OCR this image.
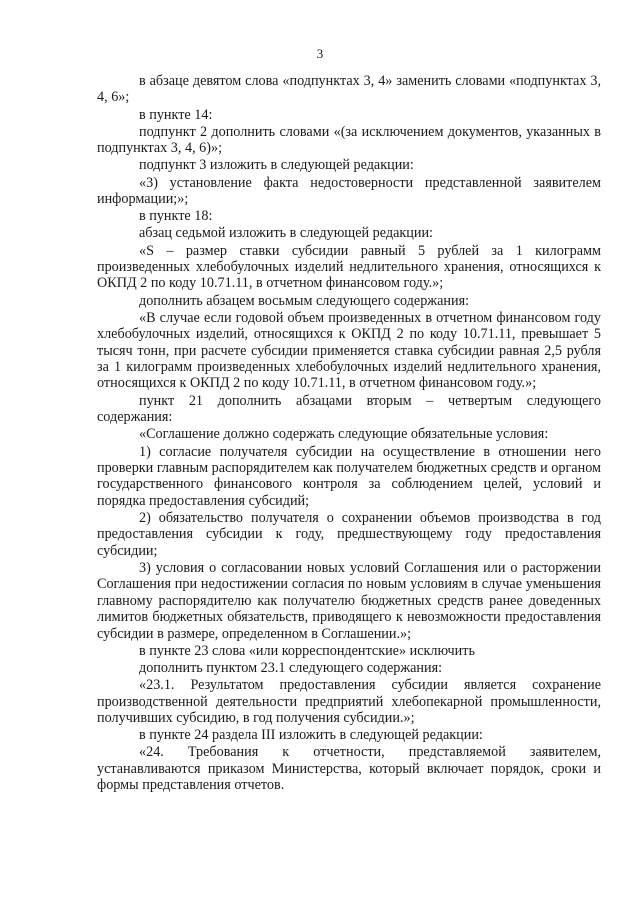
3

в абзаце девятом слова «подпунктах 3, 4» заменить словами «подпунктах 3, 4, 6»;

в пункте 14:

подпункт 2 дополнить словами «(за исключением документов, указанных в подпунктах 3, 4, 6)»;

подпункт 3 изложить в следующей редакции:

«3) установление факта недостоверности представленной заявителем информации;»;

в пункте 18:

абзац седьмой изложить в следующей редакции:

«S – размер ставки субсидии равный 5 рублей за 1 килограмм произведенных хлебобулочных изделий недлительного хранения, относящихся к ОКПД 2 по коду 10.71.11, в отчетном финансовом году.»;

дополнить абзацем восьмым следующего содержания:

«В случае если годовой объем произведенных в отчетном финансовом году хлебобулочных изделий, относящихся к ОКПД 2 по коду 10.71.11, превышает 5 тысяч тонн, при расчете субсидии применяется ставка субсидии равная 2,5 рубля за 1 килограмм произведенных хлебобулочных изделий недлительного хранения, относящихся к ОКПД 2 по коду 10.71.11, в отчетном финансовом году.»;

пункт 21 дополнить абзацами вторым – четвертым следующего содержания:

«Соглашение должно содержать следующие обязательные условия:

1) согласие получателя субсидии на осуществление в отношении него проверки главным распорядителем как получателем бюджетных средств и органом государственного финансового контроля за соблюдением целей, условий и порядка предоставления субсидий;

2) обязательство получателя о сохранении объемов производства в год предоставления субсидии к году, предшествующему году предоставления субсидии;

3) условия о согласовании новых условий Соглашения или о расторжении Соглашения при недостижении согласия по новым условиям в случае уменьшения главному распорядителю как получателю бюджетных средств ранее доведенных лимитов бюджетных обязательств, приводящего к невозможности предоставления субсидии в размере, определенном в Соглашении.»;

в пункте 23 слова «или корреспондентские» исключить

дополнить пунктом 23.1 следующего содержания:

«23.1. Результатом предоставления субсидии является сохранение производственной деятельности предприятий хлебопекарной промышленности, получивших субсидию, в год получения субсидии.»;

в пункте 24 раздела III изложить в следующей редакции:

«24. Требования к отчетности, представляемой заявителем, устанавливаются приказом Министерства, который включает порядок, сроки и формы представления отчетов.
